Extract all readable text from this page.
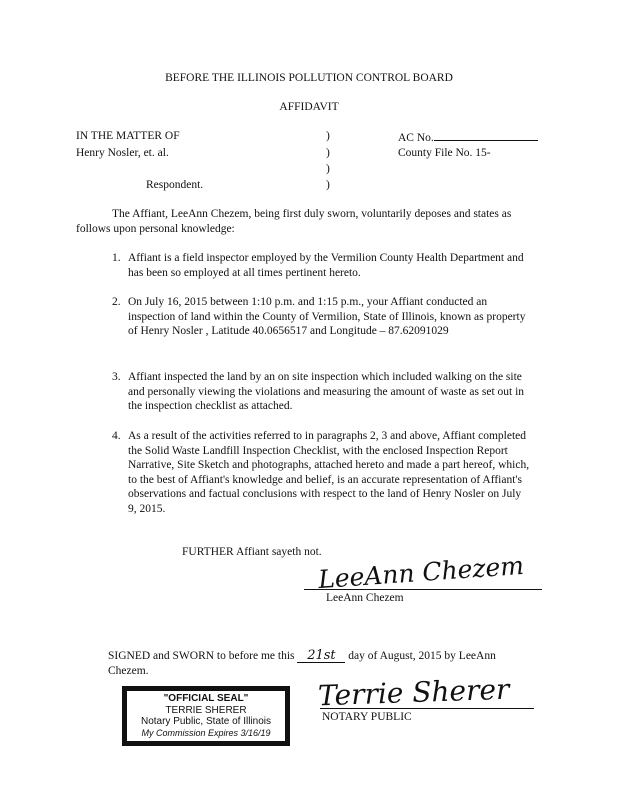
BEFORE THE ILLINOIS POLLUTION CONTROL BOARD
AFFIDAVIT
IN THE MATTER OF
Henry Nosler, et. al.
Respondent.
)
)
)
)
AC No.
County File No. 15-
The Affiant, LeeAnn Chezem, being first duly sworn, voluntarily deposes and states as follows upon personal knowledge:
1. Affiant is a field inspector employed by the Vermilion County Health Department and has been so employed at all times pertinent hereto.
2. On July 16, 2015 between 1:10 p.m. and 1:15 p.m., your Affiant conducted an inspection of land within the County of Vermilion, State of Illinois, known as property of Henry Nosler , Latitude 40.0656517 and Longitude – 87.62091029
3. Affiant inspected the land by an on site inspection which included walking on the site and personally viewing the violations and measuring the amount of waste as set out in the inspection checklist as attached.
4. As a result of the activities referred to in paragraphs 2, 3 and above, Affiant completed the Solid Waste Landfill Inspection Checklist, with the enclosed Inspection Report Narrative, Site Sketch and photographs, attached hereto and made a part hereof, which, to the best of Affiant's knowledge and belief, is an accurate representation of Affiant's observations and factual conclusions with respect to the land of Henry Nosler on July 9, 2015.
FURTHER Affiant sayeth not.
LeeAnn Chezem
LeeAnn Chezem
SIGNED and SWORN to before me this 21st day of August, 2015 by LeeAnn
Chezem.
Terrie Sherer
NOTARY PUBLIC
"OFFICIAL SEAL"
TERRIE SHERER
Notary Public, State of Illinois
My Commission Expires 3/16/19
